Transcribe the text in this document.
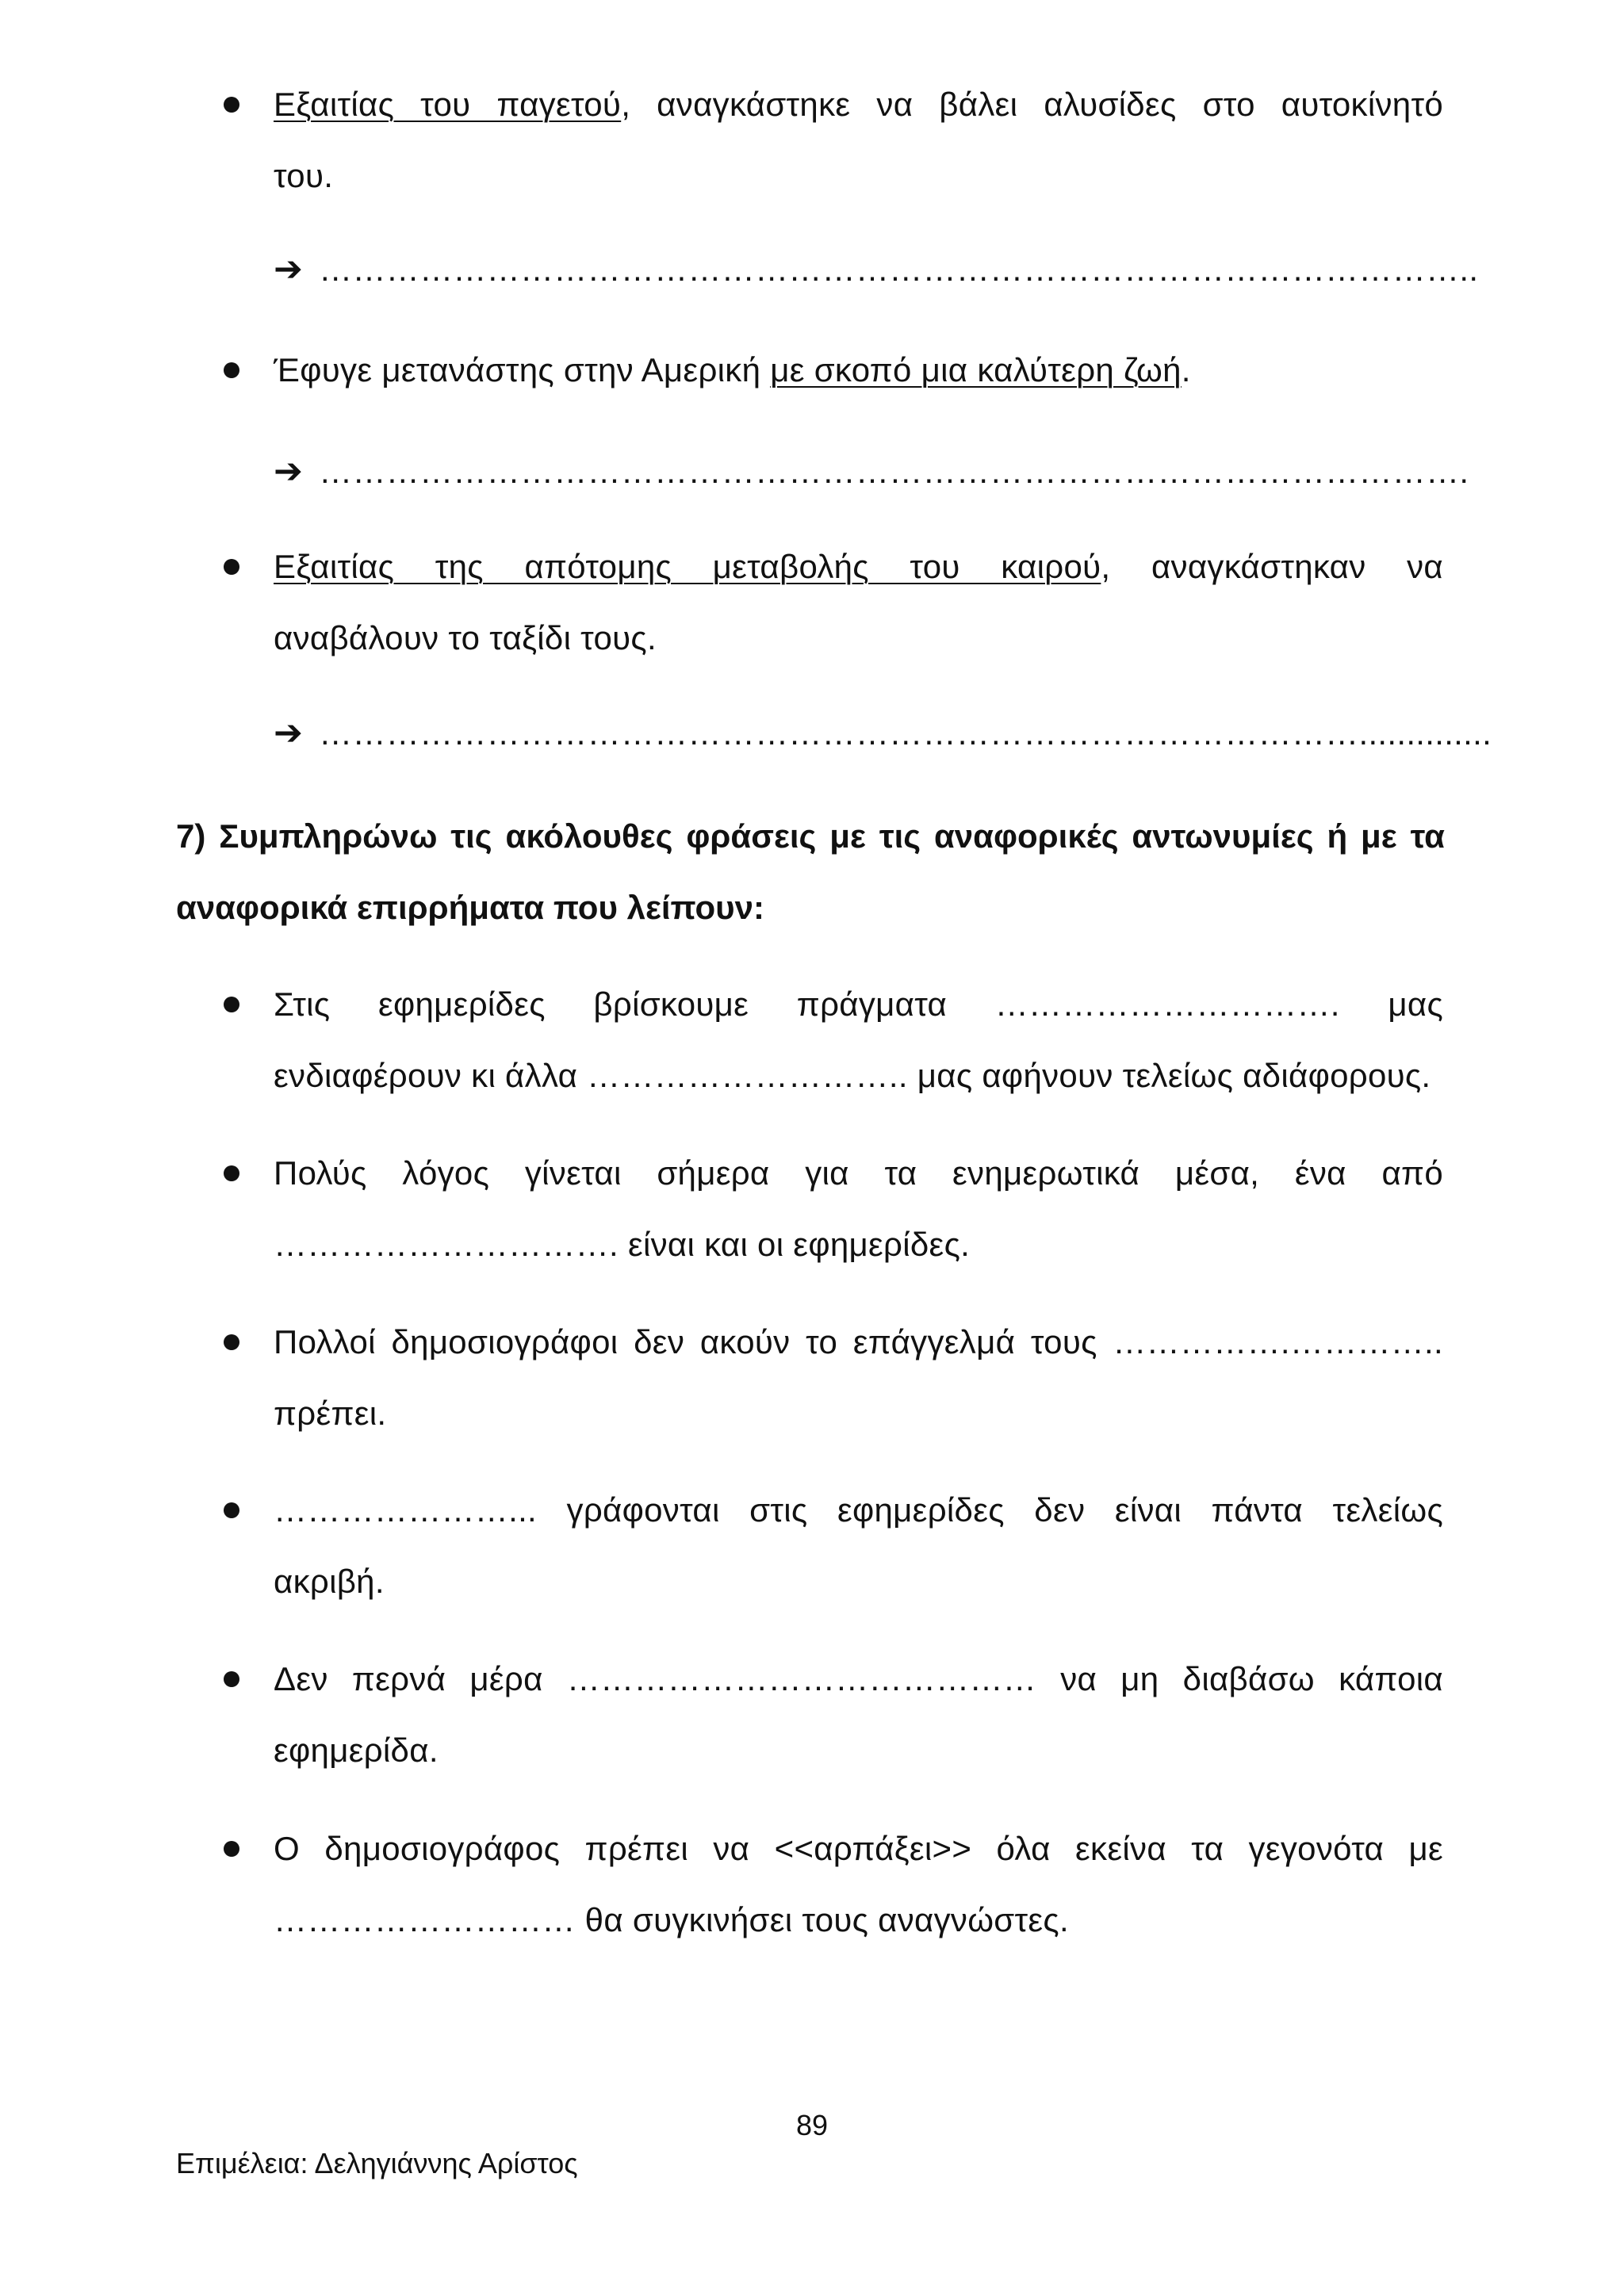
Εξαιτίας του παγετού, αναγκάστηκε να βάλει αλυσίδες στο αυτοκίνητό
του.
➔ …………………………………………………………………………………………..
Έφυγε μετανάστης στην Αμερική με σκοπό μια καλύτερη ζωή.
➔ ………………………………………………………………………………………….
Εξαιτίας της απότομης μεταβολής του καιρού, αναγκάστηκαν να
αναβάλουν το ταξίδι τους.
➔ …………………………………………………………………………………..............
7) Συμπληρώνω τις ακόλουθες φράσεις με τις αναφορικές αντωνυμίες ή με τα
αναφορικά επιρρήματα που λείπουν:
Στις εφημερίδες βρίσκουμε πράγματα …………………………. μας
ενδιαφέρουν κι άλλα ……………………….. μας αφήνουν τελείως αδιάφορους.
Πολύς λόγος γίνεται σήμερα για τα ενημερωτικά μέσα, ένα από
…………………………. είναι και οι εφημερίδες.
Πολλοί δημοσιογράφοι δεν ακούν το επάγγελμά τους …………….…………..
πρέπει.
…………………... γράφονται στις εφημερίδες δεν είναι πάντα τελείως
ακριβή.
Δεν περνά μέρα …………………………………… να μη διαβάσω κάποια
εφημερίδα.
Ο δημοσιογράφος πρέπει να <<αρπάξει>> όλα εκείνα τα γεγονότα με
……………………… θα συγκινήσει τους αναγνώστες.
89
Επιμέλεια: Δεληγιάννης Αρίστος
